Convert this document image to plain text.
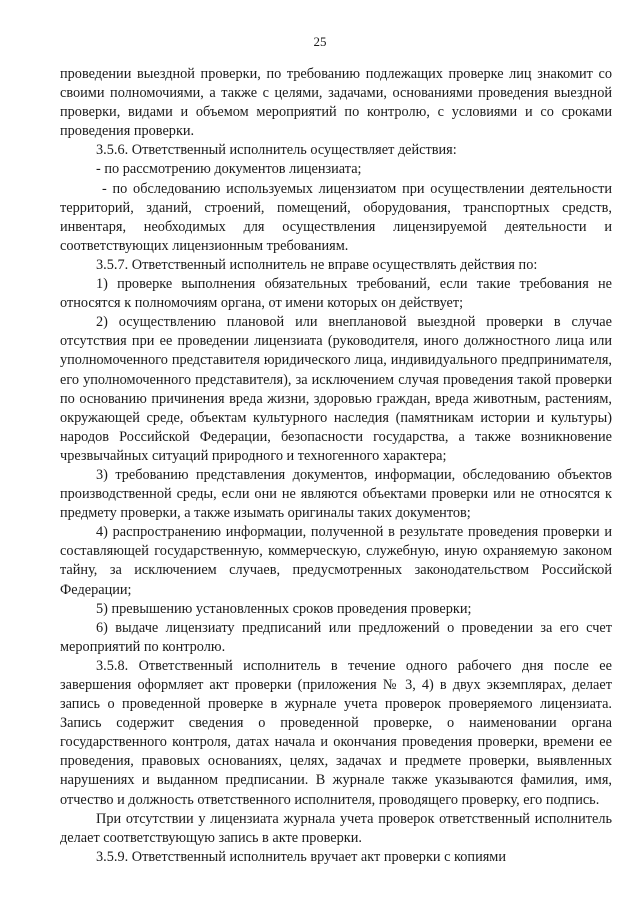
25

проведении выездной проверки, по требованию подлежащих проверке лиц знакомит со своими полномочиями, а также с целями, задачами, основаниями проведения выездной проверки, видами и объемом мероприятий по контролю, с условиями и со сроками проведения проверки.

3.5.6. Ответственный исполнитель осуществляет действия:

- по рассмотрению документов лицензиата;

- по обследованию используемых лицензиатом при осуществлении деятельности территорий, зданий, строений, помещений, оборудования, транспортных средств, инвентаря, необходимых для осуществления лицензируемой деятельности и соответствующих лицензионным требованиям.

3.5.7. Ответственный исполнитель не вправе осуществлять действия по:

1) проверке выполнения обязательных требований, если такие требования не относятся к полномочиям органа, от имени которых он действует;

2) осуществлению плановой или внеплановой выездной проверки в случае отсутствия при ее проведении лицензиата (руководителя, иного должностного лица или уполномоченного представителя юридического лица, индивидуального предпринимателя, его уполномоченного представителя), за исключением случая проведения такой проверки по основанию причинения вреда жизни, здоровью граждан, вреда животным, растениям, окружающей среде, объектам культурного наследия (памятникам истории и культуры) народов Российской Федерации, безопасности государства, а также возникновение чрезвычайных ситуаций природного и техногенного характера;

3) требованию представления документов, информации, обследованию объектов производственной среды, если они не являются объектами проверки или не относятся к предмету проверки, а также изымать оригиналы таких документов;

4) распространению информации, полученной в результате проведения проверки и составляющей государственную, коммерческую, служебную, иную охраняемую законом тайну, за исключением случаев, предусмотренных законодательством Российской Федерации;

5) превышению установленных сроков проведения проверки;

6) выдаче лицензиату предписаний или предложений о проведении за его счет мероприятий по контролю.

3.5.8. Ответственный исполнитель в течение одного рабочего дня после ее завершения оформляет акт проверки (приложения № 3, 4) в двух экземплярах, делает запись о проведенной проверке в журнале учета проверок проверяемого лицензиата. Запись содержит сведения о проведенной проверке, о наименовании органа государственного контроля, датах начала и окончания проведения проверки, времени ее проведения, правовых основаниях, целях, задачах и предмете проверки, выявленных нарушениях и выданном предписании. В журнале также указываются фамилия, имя, отчество и должность ответственного исполнителя, проводящего проверку, его подпись.

При отсутствии у лицензиата журнала учета проверок ответственный исполнитель делает соответствующую запись в акте проверки.

3.5.9. Ответственный исполнитель вручает акт проверки с копиями
